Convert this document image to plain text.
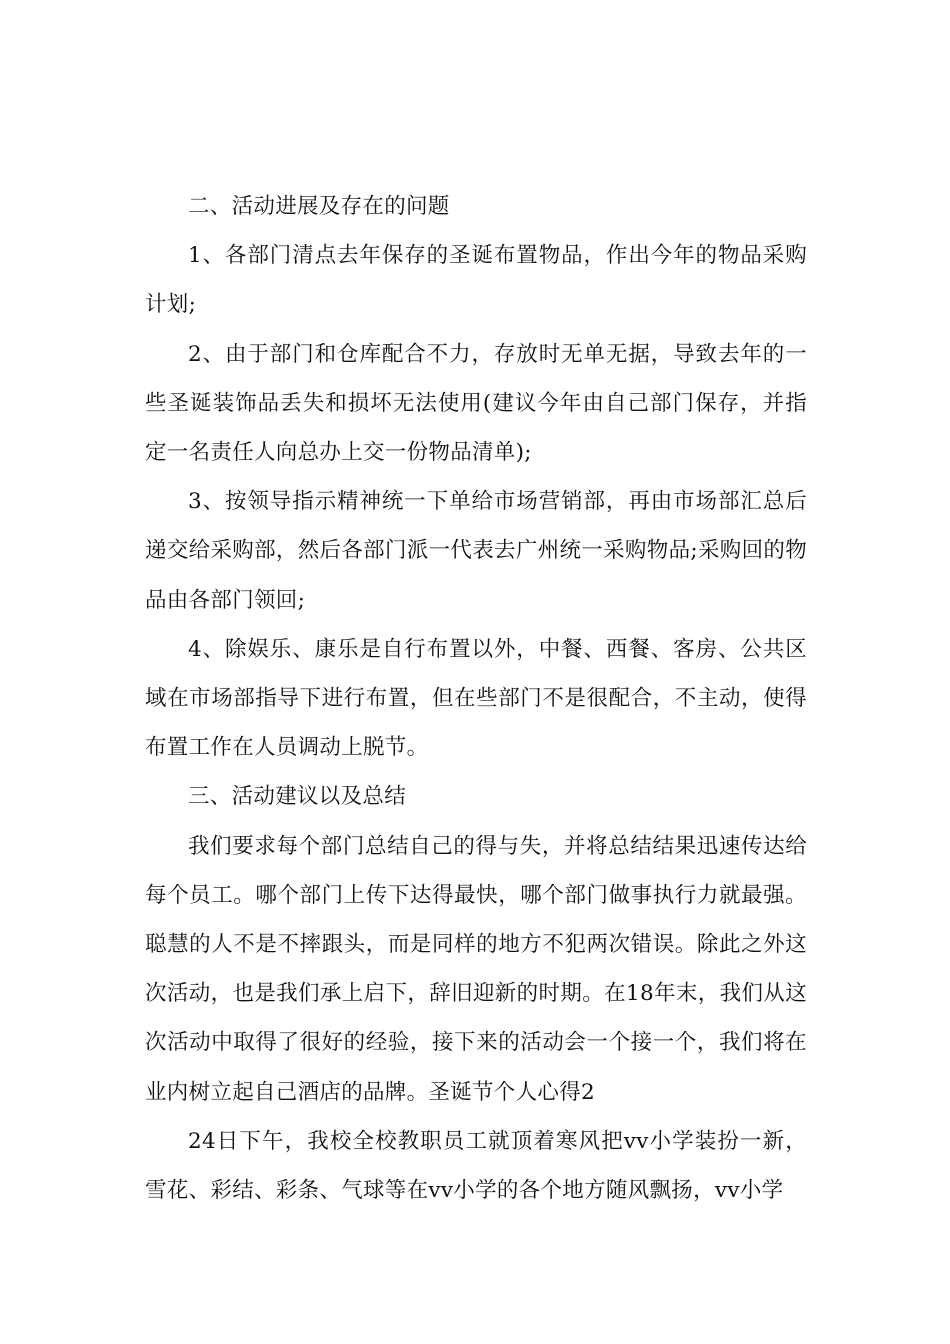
二、活动进展及存在的问题

1、各部门清点去年保存的圣诞布置物品，作出今年的物品采购计划;

2、由于部门和仓库配合不力，存放时无单无据，导致去年的一些圣诞装饰品丢失和损坏无法使用(建议今年由自己部门保存，并指定一名责任人向总办上交一份物品清单);

3、按领导指示精神统一下单给市场营销部，再由市场部汇总后递交给采购部，然后各部门派一代表去广州统一采购物品;采购回的物品由各部门领回;

4、除娱乐、康乐是自行布置以外，中餐、西餐、客房、公共区域在市场部指导下进行布置，但在些部门不是很配合，不主动，使得布置工作在人员调动上脱节。

三、活动建议以及总结

我们要求每个部门总结自己的得与失，并将总结结果迅速传达给每个员工。哪个部门上传下达得最快，哪个部门做事执行力就最强。聪慧的人不是不摔跟头，而是同样的地方不犯两次错误。除此之外这次活动，也是我们承上启下，辞旧迎新的时期。在18年末，我们从这次活动中取得了很好的经验，接下来的活动会一个接一个，我们将在业内树立起自己酒店的品牌。圣诞节个人心得2

24日下午，我校全校教职员工就顶着寒风把vv小学装扮一新，雪花、彩结、彩条、气球等在vv小学的各个地方随风飘扬，vv小学
